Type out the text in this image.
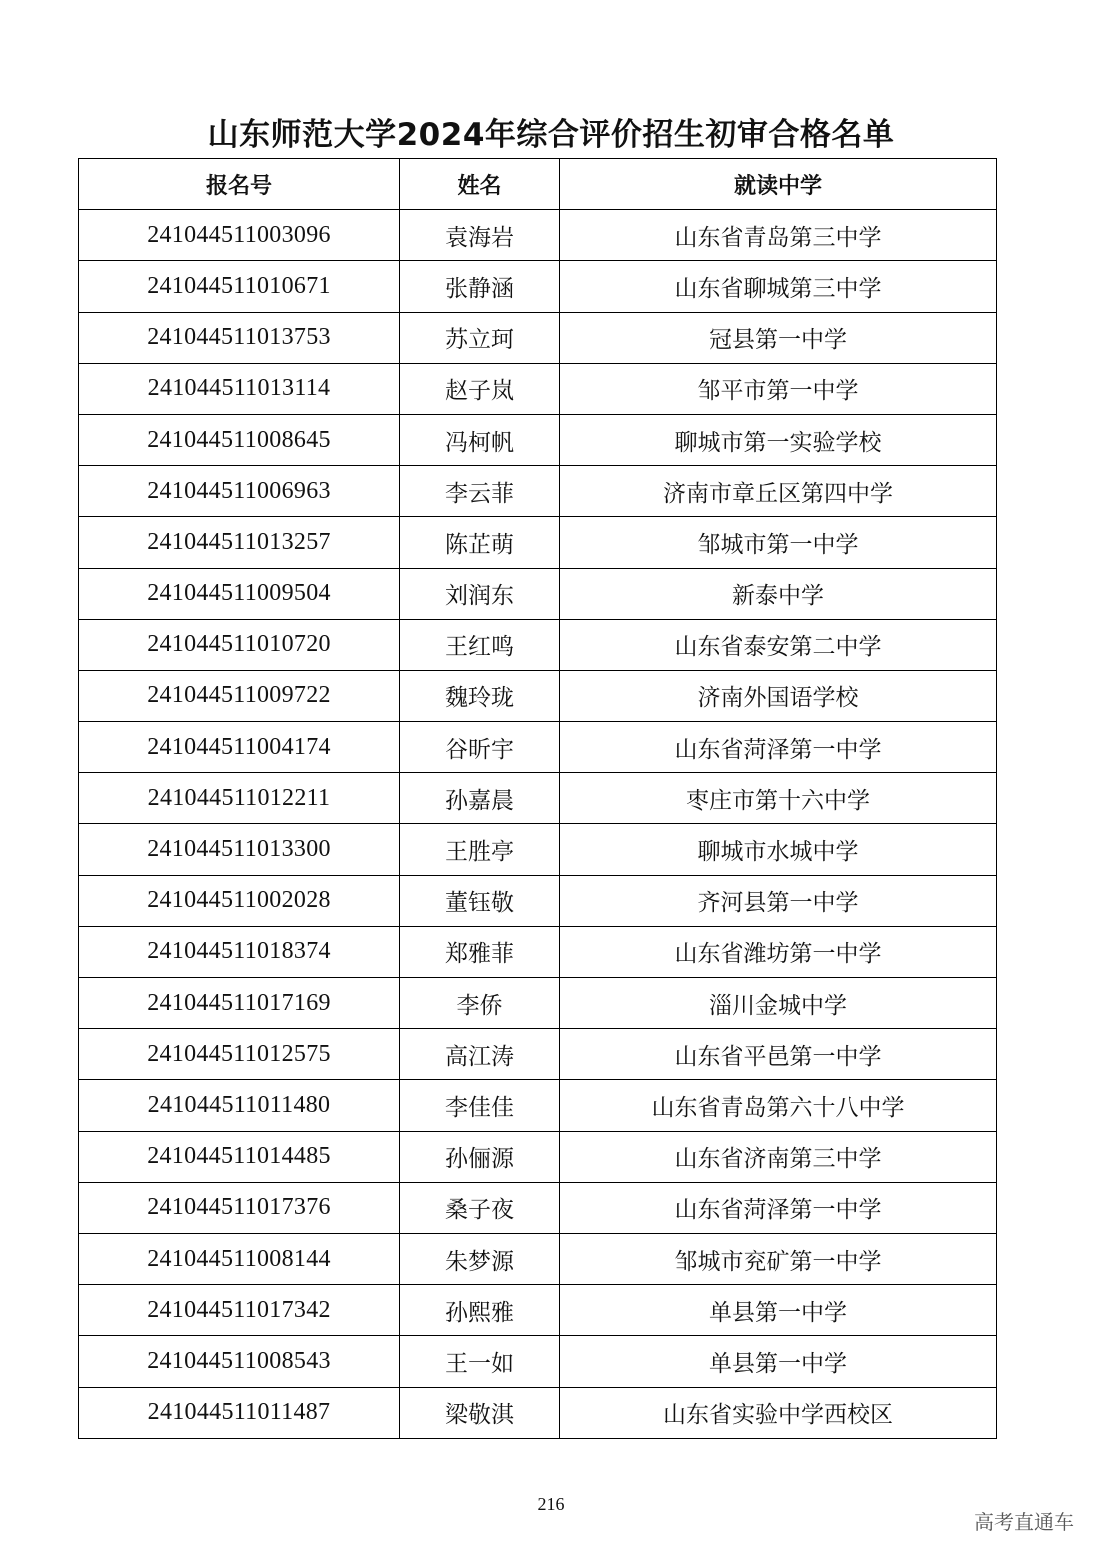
山东师范大学2024年综合评价招生初审合格名单
报名号	姓名	就读中学
241044511003096	袁海岩	山东省青岛第三中学
241044511010671	张静涵	山东省聊城第三中学
241044511013753	苏立珂	冠县第一中学
241044511013114	赵子岚	邹平市第一中学
241044511008645	冯柯帆	聊城市第一实验学校
241044511006963	李云菲	济南市章丘区第四中学
241044511013257	陈芷萌	邹城市第一中学
241044511009504	刘润东	新泰中学
241044511010720	王红鸣	山东省泰安第二中学
241044511009722	魏玲珑	济南外国语学校
241044511004174	谷昕宇	山东省菏泽第一中学
241044511012211	孙嘉晨	枣庄市第十六中学
241044511013300	王胜亭	聊城市水城中学
241044511002028	董钰敬	齐河县第一中学
241044511018374	郑雅菲	山东省潍坊第一中学
241044511017169	李侨	淄川金城中学
241044511012575	高江涛	山东省平邑第一中学
241044511011480	李佳佳	山东省青岛第六十八中学
241044511014485	孙俪源	山东省济南第三中学
241044511017376	桑子夜	山东省菏泽第一中学
241044511008144	朱梦源	邹城市兖矿第一中学
241044511017342	孙熙雅	单县第一中学
241044511008543	王一如	单县第一中学
241044511011487	梁敬淇	山东省实验中学西校区
216
高考直通车
